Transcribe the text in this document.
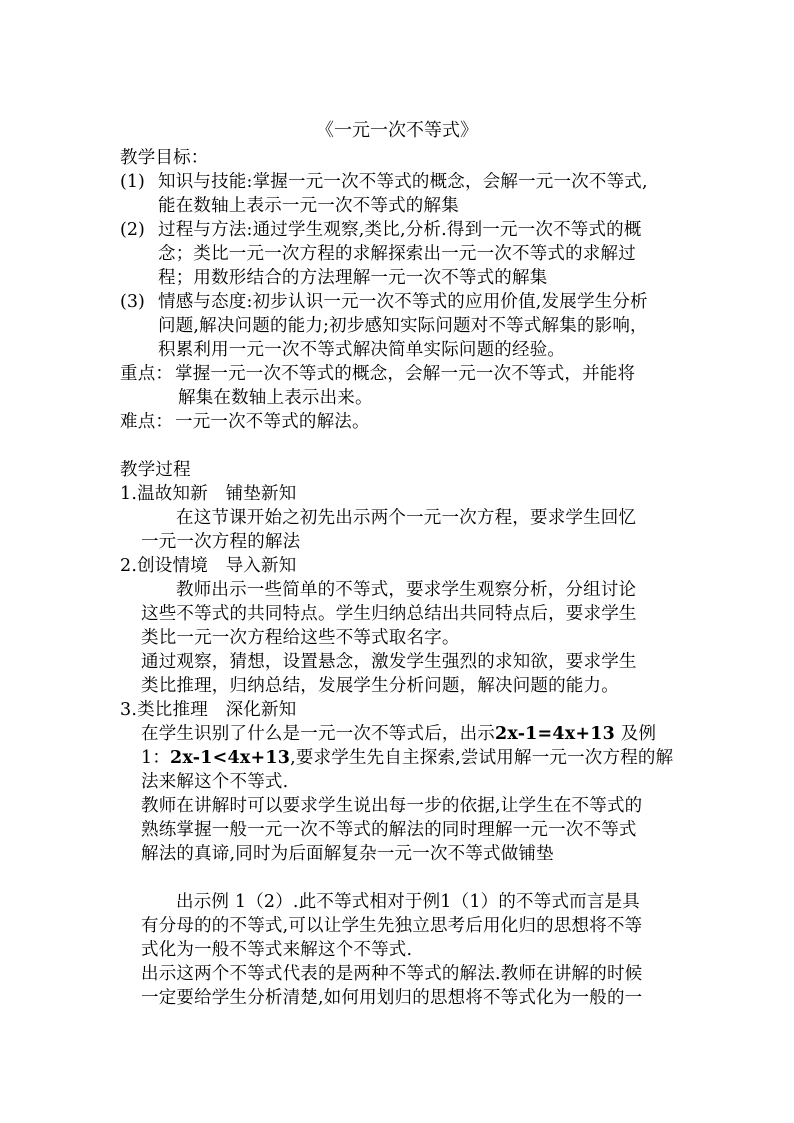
《一元一次不等式》
教学目标：
(1) 知识与技能:掌握一元一次不等式的概念，会解一元一次不等式,
能在数轴上表示一元一次不等式的解集
(2) 过程与方法:通过学生观察,类比,分析.得到一元一次不等式的概
念；类比一元一次方程的求解探索出一元一次不等式的求解过
程；用数形结合的方法理解一元一次不等式的解集
(3) 情感与态度:初步认识一元一次不等式的应用价值,发展学生分析
问题,解决问题的能力;初步感知实际问题对不等式解集的影响，
积累利用一元一次不等式解决简单实际问题的经验。
重点： 掌握一元一次不等式的概念，会解一元一次不等式，并能将
解集在数轴上表示出来。
难点： 一元一次不等式的解法。
教学过程
1.温故知新　铺垫新知
在这节课开始之初先出示两个一元一次方程，要求学生回忆
一元一次方程的解法
2.创设情境　导入新知
教师出示一些简单的不等式，要求学生观察分析，分组讨论
这些不等式的共同特点。学生归纳总结出共同特点后，要求学生
类比一元一次方程给这些不等式取名字。
通过观察，猜想，设置悬念，激发学生强烈的求知欲，要求学生
类比推理，归纳总结，发展学生分析问题，解决问题的能力。
3.类比推理　深化新知
在学生识别了什么是一元一次不等式后，出示2x-1=4x+13 及例
1：2x-1<4x+13,要求学生先自主探索,尝试用解一元一次方程的解
法来解这个不等式.
教师在讲解时可以要求学生说出每一步的依据,让学生在不等式的
熟练掌握一般一元一次不等式的解法的同时理解一元一次不等式
解法的真谛,同时为后面解复杂一元一次不等式做铺垫
出示例 1（2）.此不等式相对于例1（1）的不等式而言是具
有分母的的不等式,可以让学生先独立思考后用化归的思想将不等
式化为一般不等式来解这个不等式.
出示这两个不等式代表的是两种不等式的解法.教师在讲解的时候
一定要给学生分析清楚,如何用划归的思想将不等式化为一般的一
